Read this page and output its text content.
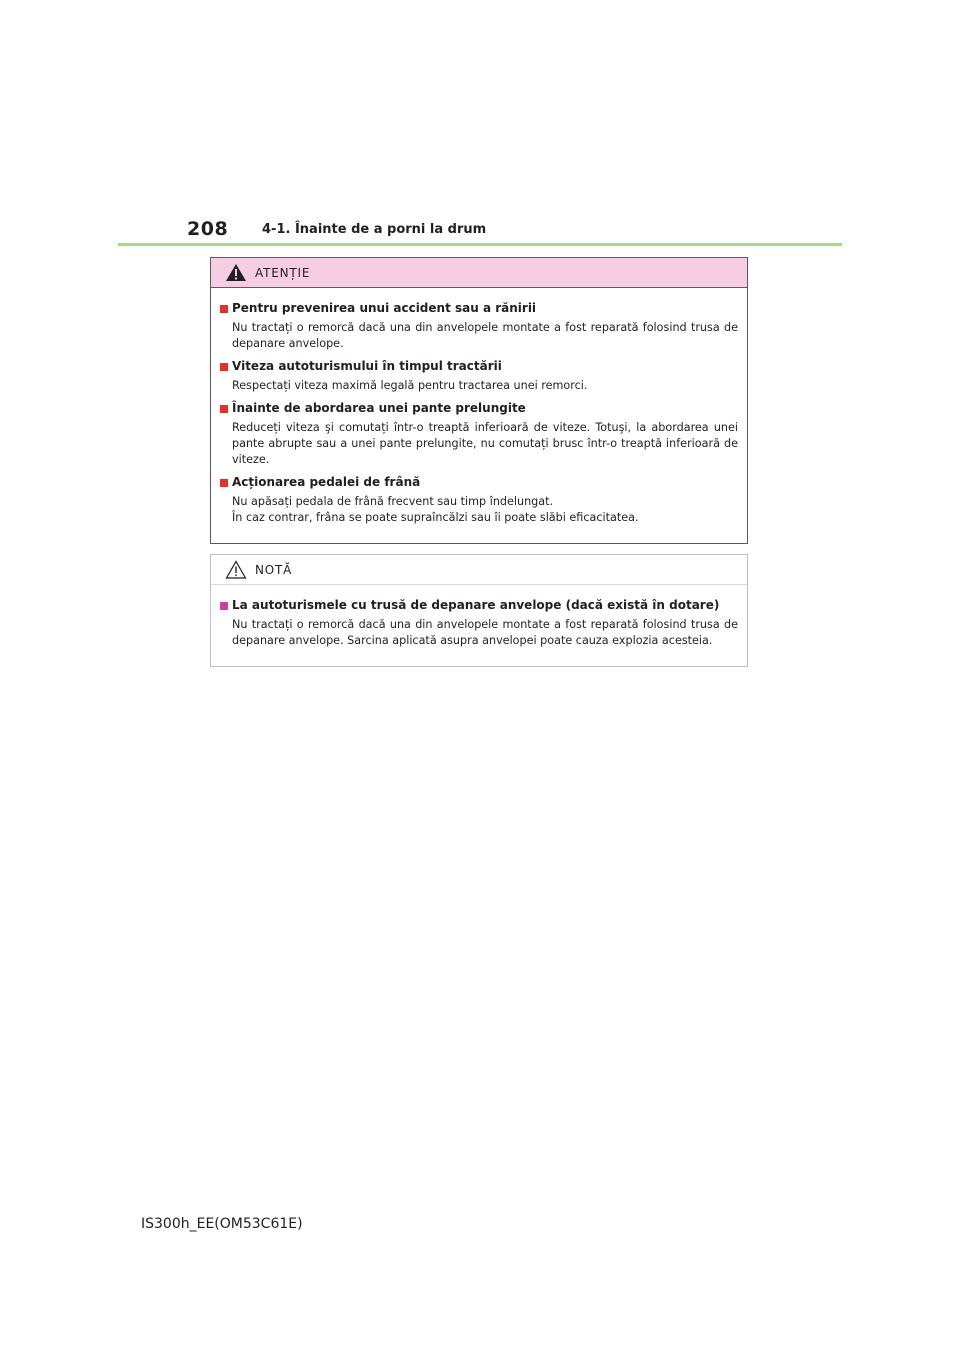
208	4-1. Înainte de a porni la drum
ATENȚIE
Pentru prevenirea unui accident sau a rănirii

Nu tractați o remorcă dacă una din anvelopele montate a fost reparată folosind trusa de depanare anvelope.

Viteza autoturismului în timpul tractării

Respectați viteza maximă legală pentru tractarea unei remorci.

Înainte de abordarea unei pante prelungite

Reduceți viteza şi comutați într-o treaptă inferioară de viteze. Totuşi, la abordarea unei pante abrupte sau a unei pante prelungite, nu comutați brusc într-o treaptă inferioară de viteze.

Acționarea pedalei de frână

Nu apăsați pedala de frână frecvent sau timp îndelungat.

În caz contrar, frâna se poate supraîncălzi sau îi poate slăbi eficacitatea.

NOTĂ
La autoturismele cu trusă de depanare anvelope (dacă există în dotare)

Nu tractați o remorcă dacă una din anvelopele montate a fost reparată folosind trusa de depanare anvelope. Sarcina aplicată asupra anvelopei poate cauza explozia acesteia.

IS300h_EE(OM53C61E)
